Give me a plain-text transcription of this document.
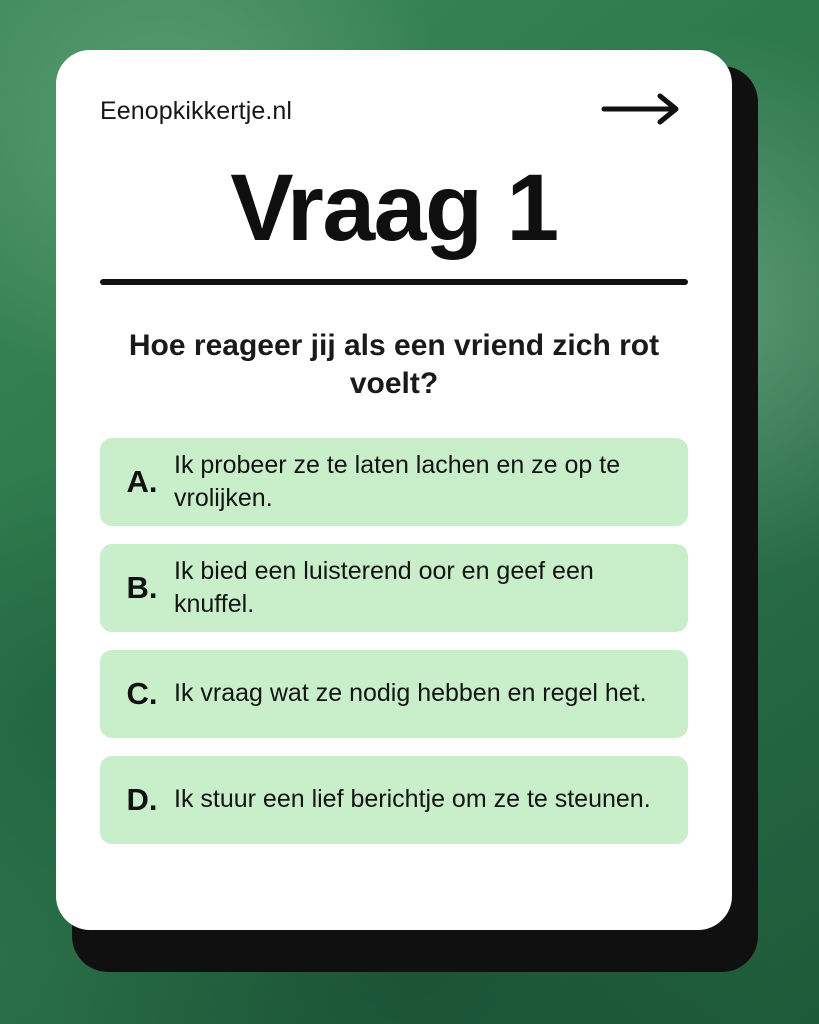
Eenopkikkertje.nl
Vraag 1
Hoe reageer jij als een vriend zich rot voelt?
A. Ik probeer ze te laten lachen en ze op te vrolijken.
B. Ik bied een luisterend oor en geef een knuffel.
C. Ik vraag wat ze nodig hebben en regel het.
D. Ik stuur een lief berichtje om ze te steunen.
